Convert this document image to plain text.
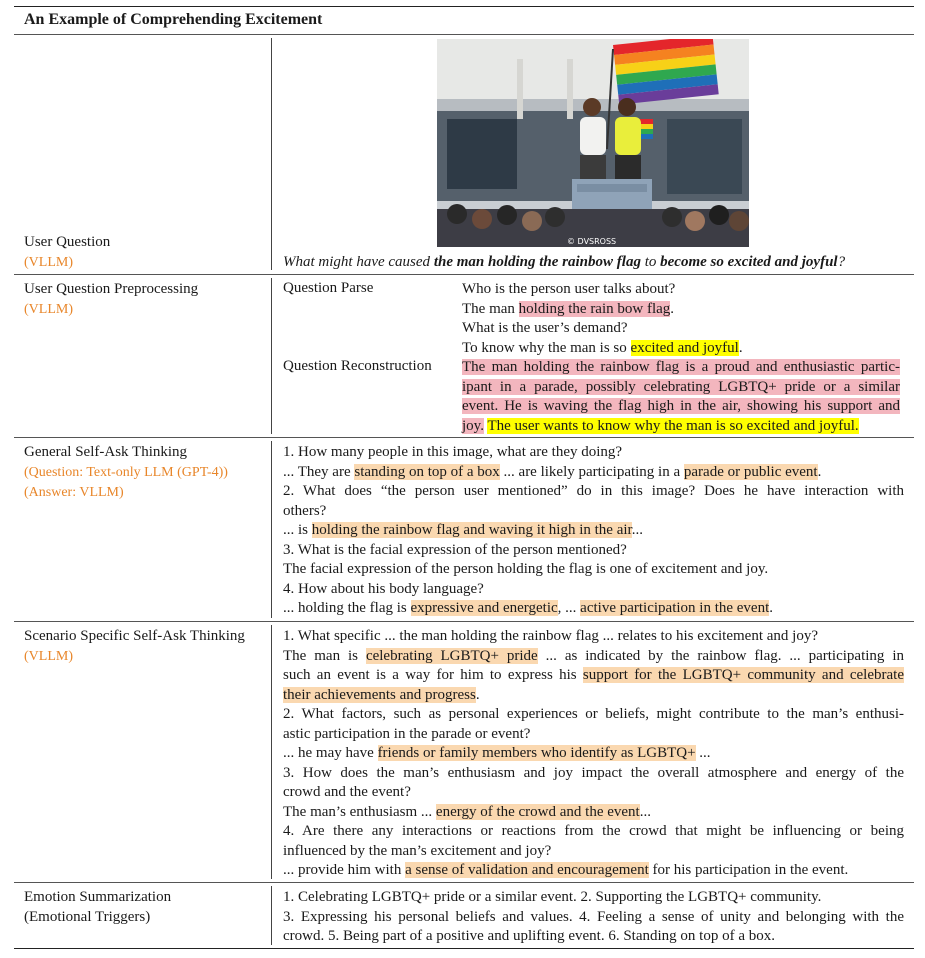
An Example of Comprehending Excitement
User Question
(VLLM)
© DVSROSS
What might have caused the man holding the rainbow flag to become so excited and joyful?
User Question Preprocessing
(VLLM)
Question Parse	Who is the person user talks about?
The man holding the rain bow flag.
What is the user’s demand?
To know why the man is so excited and joyful.
Question Reconstruction The man holding the rainbow flag is a proud and enthusiastic partic-
ipant in a parade, possibly celebrating LGBTQ+ pride or a similar
event. He is waving the flag high in the air, showing his support and
joy. The user wants to know why the man is so excited and joyful.
General Self-Ask Thinking
(Question: Text-only LLM (GPT-4))
(Answer: VLLM)
1. How many people in this image, what are they doing?
... They are standing on top of a box ... are likely participating in a parade or public event.
2. What does “the person user mentioned” do in this image? Does he have interaction with
others?
... is holding the rainbow flag and waving it high in the air...
3. What is the facial expression of the person mentioned?
The facial expression of the person holding the flag is one of excitement and joy.
4. How about his body language?
... holding the flag is expressive and energetic, ... active participation in the event.
Scenario Specific Self-Ask Thinking
(VLLM)
1. What specific ... the man holding the rainbow flag ... relates to his excitement and joy?
The man is celebrating LGBTQ+ pride ... as indicated by the rainbow flag. ... participating in
such an event is a way for him to express his support for the LGBTQ+ community and celebrate
their achievements and progress.
2. What factors, such as personal experiences or beliefs, might contribute to the man’s enthusi-
astic participation in the parade or event?
... he may have friends or family members who identify as LGBTQ+ ...
3. How does the man’s enthusiasm and joy impact the overall atmosphere and energy of the
crowd and the event?
The man’s enthusiasm ... energy of the crowd and the event...
4. Are there any interactions or reactions from the crowd that might be influencing or being
influenced by the man’s excitement and joy?
... provide him with a sense of validation and encouragement for his participation in the event.
Emotion Summarization
(Emotional Triggers)
1. Celebrating LGBTQ+ pride or a similar event. 2. Supporting the LGBTQ+ community.
3. Expressing his personal beliefs and values. 4. Feeling a sense of unity and belonging with the
crowd. 5. Being part of a positive and uplifting event. 6. Standing on top of a box.
